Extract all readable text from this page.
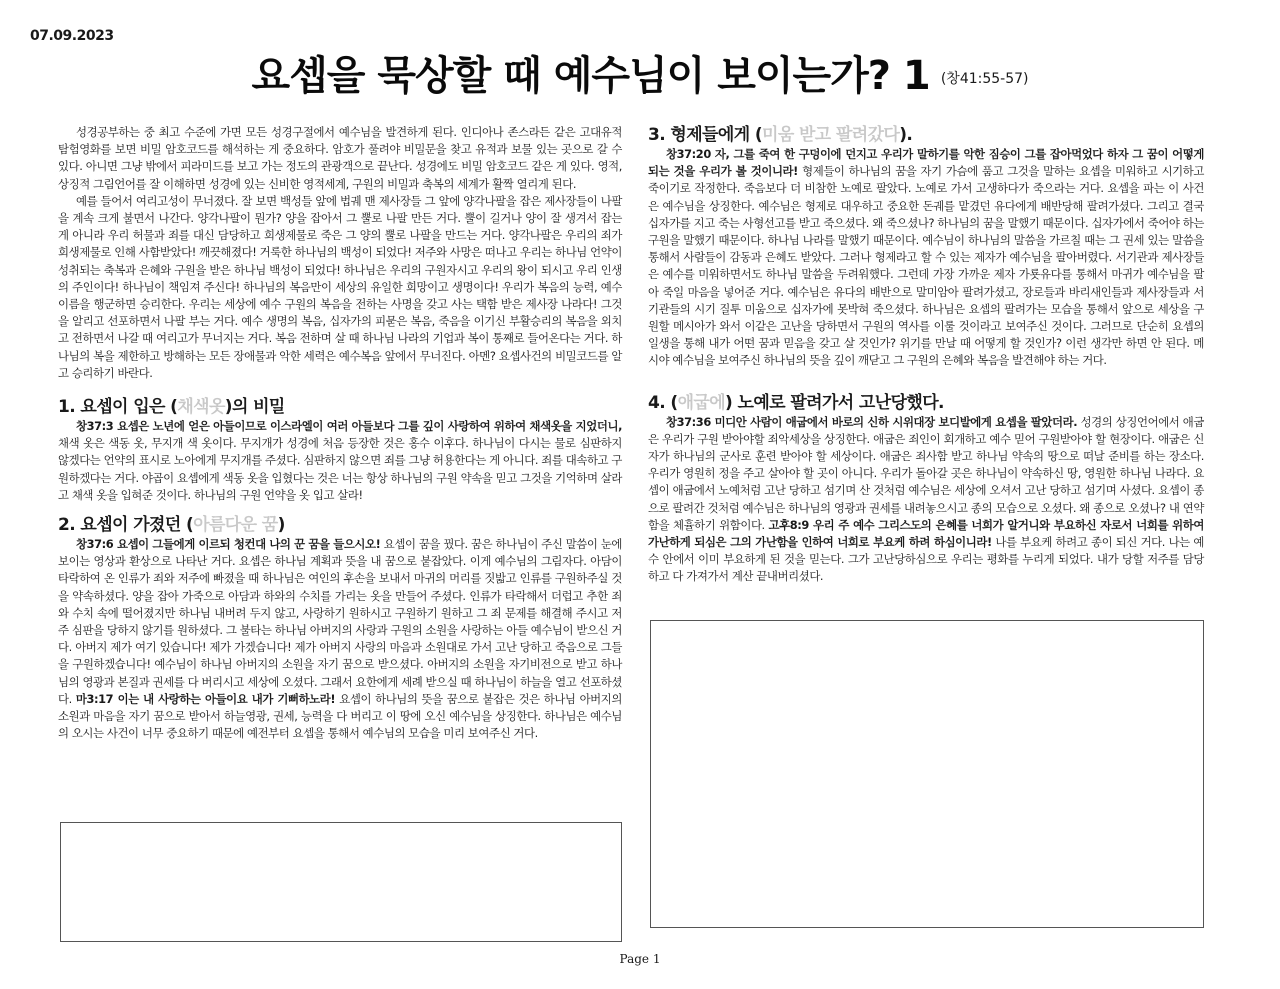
07.09.2023
요셉을 묵상할 때 예수님이 보이는가? 1 (창41:55-57)

성경공부하는 중 최고 수준에 가면 모든 성경구절에서 예수님을 발견하게 된다. 인디아나 존스라든 같은 고대유적 탐험영화를 보면 비밀 암호코드를 해석하는 게 중요하다. 암호가 풀려야 비밀문을 찾고 유적과 보물 있는 곳으로 갈 수 있다. 아니면 그냥 밖에서 피라미드를 보고 가는 정도의 관광객으로 끝난다. 성경에도 비밀 암호코드 같은 게 있다. 영적, 상징적 그림언어를 잘 이해하면 성경에 있는 신비한 영적세계, 구원의 비밀과 축복의 세계가 활짝 열리게 된다.

예를 들어서 여리고성이 무너졌다. 잘 보면 백성들 앞에 법궤 맨 제사장들 그 앞에 양각나팔을 잡은 제사장들이 나팔을 계속 크게 불면서 나간다. 양각나팔이 뭔가? 양을 잡아서 그 뿔로 나팔 만든 거다. 뿔이 길거나 양이 잘 생겨서 잡는 게 아니라 우리 허물과 죄를 대신 담당하고 희생제물로 죽은 그 양의 뿔로 나팔을 만드는 거다. 양각나팔은 우리의 죄가 희생제물로 인해 사함받았다! 깨끗해졌다! 거룩한 하나님의 백성이 되었다! 저주와 사망은 떠나고 우리는 하나님 언약이 성취되는 축복과 은혜와 구원을 받은 하나님 백성이 되었다! 하나님은 우리의 구원자시고 우리의 왕이 되시고 우리 인생의 주인이다! 하나님이 책임져 주신다! 하나님의 복음만이 세상의 유일한 희망이고 생명이다! 우리가 복음의 능력, 예수이름을 행군하면 승리한다. 우리는 세상에 예수 구원의 복음을 전하는 사명을 갖고 사는 택함 받은 제사장 나라다! 그것을 알리고 선포하면서 나팔 부는 거다. 예수 생명의 복음, 십자가의 피묻은 복음, 죽음을 이기신 부활승리의 복음을 외치고 전하면서 나갈 때 여리고가 무너지는 거다. 복음 전하며 살 때 하나님 나라의 기업과 복이 통째로 들어온다는 거다. 하나님의 복을 제한하고 방해하는 모든 장애물과 악한 세력은 예수복음 앞에서 무너진다. 아멘? 요셉사건의 비밀코드를 알고 승리하기 바란다.

1. 요셉이 입은 (채색옷)의 비밀

창37:3 요셉은 노년에 얻은 아들이므로 이스라엘이 여러 아들보다 그를 깊이 사랑하여 위하여 채색옷을 지었더니, 채색 옷은 색동 옷, 무지개 색 옷이다. 무지개가 성경에 처음 등장한 것은 홍수 이후다. 하나님이 다시는 물로 심판하지 않겠다는 언약의 표시로 노아에게 무지개를 주셨다. 심판하지 않으면 죄를 그냥 허용한다는 게 아니다. 죄를 대속하고 구원하겠다는 거다. 야곱이 요셉에게 색동 옷을 입혔다는 것은 너는 항상 하나님의 구원 약속을 믿고 그것을 기억하며 살라고 채색 옷을 입혀준 것이다. 하나님의 구원 언약을 옷 입고 살라!

2. 요셉이 가졌던 (아름다운 꿈)

창37:6 요셉이 그들에게 이르되 청컨대 나의 꾼 꿈을 들으시오! 요셉이 꿈을 꿨다. 꿈은 하나님이 주신 말씀이 눈에 보이는 영상과 환상으로 나타난 거다. 요셉은 하나님 계획과 뜻을 내 꿈으로 붙잡았다. 이게 예수님의 그림자다. 아담이 타락하여 온 인류가 죄와 저주에 빠졌을 때 하나님은 여인의 후손을 보내서 마귀의 머리를 짓밟고 인류를 구원하주실 것을 약속하셨다. 양을 잡아 가죽으로 아담과 하와의 수치를 가리는 옷을 만들어 주셨다. 인류가 타락해서 더럽고 추한 죄와 수치 속에 떨어졌지만 하나님 내버려 두지 않고, 사랑하기 원하시고 구원하기 원하고 그 죄 문제를 해결해 주시고 저주 심판을 당하지 않기를 원하셨다. 그 불타는 하나님 아버지의 사랑과 구원의 소원을 사랑하는 아들 예수님이 받으신 거다. 아버지 제가 여기 있습니다! 제가 가겠습니다! 제가 아버지 사랑의 마음과 소원대로 가서 고난 당하고 죽음으로 그들을 구원하겠습니다! 예수님이 하나님 아버지의 소원을 자기 꿈으로 받으셨다. 아버지의 소원을 자기비전으로 받고 하나님의 영광과 본질과 권세를 다 버리시고 세상에 오셨다. 그래서 요한에게 세례 받으실 때 하나님이 하늘을 열고 선포하셨다. 마3:17 이는 내 사랑하는 아들이요 내가 기뻐하노라! 요셉이 하나님의 뜻을 꿈으로 붙잡은 것은 하나님 아버지의 소원과 마음을 자기 꿈으로 받아서 하늘영광, 권세, 능력을 다 버리고 이 땅에 오신 예수님을 상징한다. 하나님은 예수님의 오시는 사건이 너무 중요하기 때문에 예전부터 요셉을 통해서 예수님의 모습을 미리 보여주신 거다.

3. 형제들에게 (미움 받고 팔려갔다).

창37:20 자, 그를 죽여 한 구덩이에 던지고 우리가 말하기를 악한 짐승이 그를 잡아먹었다 하자 그 꿈이 어떻게 되는 것을 우리가 볼 것이니라! 형제들이 하나님의 꿈을 자기 가슴에 품고 그것을 말하는 요셉을 미워하고 시기하고 죽이기로 작정한다. 죽음보다 더 비참한 노예로 팔았다. 노예로 가서 고생하다가 죽으라는 거다. 요셉을 파는 이 사건은 예수님을 상징한다. 예수님은 형제로 대우하고 중요한 돈궤를 맡겼던 유다에게 배반당해 팔려가셨다. 그리고 결국 십자가를 지고 죽는 사형선고를 받고 죽으셨다. 왜 죽으셨나? 하나님의 꿈을 말했기 때문이다. 십자가에서 죽어야 하는 구원을 말했기 때문이다. 하나님 나라를 말했기 때문이다. 예수님이 하나님의 말씀을 가르칠 때는 그 권세 있는 말씀을 통해서 사람들이 감동과 은혜도 받았다. 그러나 형제라고 할 수 있는 제자가 예수님을 팔아버렸다. 서기관과 제사장들은 예수를 미워하면서도 하나님 말씀을 두려워했다. 그런데 가장 가까운 제자 가룟유다를 통해서 마귀가 예수님을 팔아 죽일 마음을 넣어준 거다. 예수님은 유다의 배반으로 말미암아 팔려가셨고, 장로들과 바리새인들과 제사장들과 서기관들의 시기 질투 미움으로 십자가에 못박혀 죽으셨다. 하나님은 요셉의 팔려가는 모습을 통해서 앞으로 세상을 구원할 메시아가 와서 이같은 고난을 당하면서 구원의 역사를 이룰 것이라고 보여주신 것이다. 그러므로 단순히 요셉의 일생을 통해 내가 어떤 꿈과 믿음을 갖고 살 것인가? 위기를 만날 때 어떻게 할 것인가? 이런 생각만 하면 안 된다. 메시야 예수님을 보여주신 하나님의 뜻을 깊이 깨닫고 그 구원의 은혜와 복음을 발견해야 하는 거다.

4. (애굽에) 노예로 팔려가서 고난당했다.

창37:36 미디안 사람이 애굽에서 바로의 신하 시위대장 보디발에게 요셉을 팔았더라. 성경의 상징언어에서 애굽은 우리가 구원 받아야할 죄악세상을 상징한다. 애굽은 죄인이 회개하고 예수 믿어 구원받아야 할 현장이다. 애굽은 신자가 하나님의 군사로 훈련 받아야 할 세상이다. 애굽은 죄사함 받고 하나님 약속의 땅으로 떠날 준비를 하는 장소다. 우리가 영원히 정을 주고 살아야 할 곳이 아니다. 우리가 돌아갈 곳은 하나님이 약속하신 땅, 영원한 하나님 나라다. 요셉이 애굽에서 노예처럼 고난 당하고 섬기며 산 것처럼 예수님은 세상에 오셔서 고난 당하고 섬기며 사셨다. 요셉이 종으로 팔려간 것처럼 예수님은 하나님의 영광과 권세를 내려놓으시고 종의 모습으로 오셨다. 왜 종으로 오셨나? 내 연약함을 체휼하기 위함이다. 고후8:9 우리 주 예수 그리스도의 은혜를 너희가 알거니와 부요하신 자로서 너희를 위하여 가난하게 되심은 그의 가난함을 인하여 너희로 부요케 하려 하심이니라! 나를 부요케 하려고 종이 되신 거다. 나는 예수 안에서 이미 부요하게 된 것을 믿는다. 그가 고난당하심으로 우리는 평화를 누리게 되었다. 내가 당할 저주를 담당하고 다 가져가서 계산 끝내버리셨다.

Page 1
